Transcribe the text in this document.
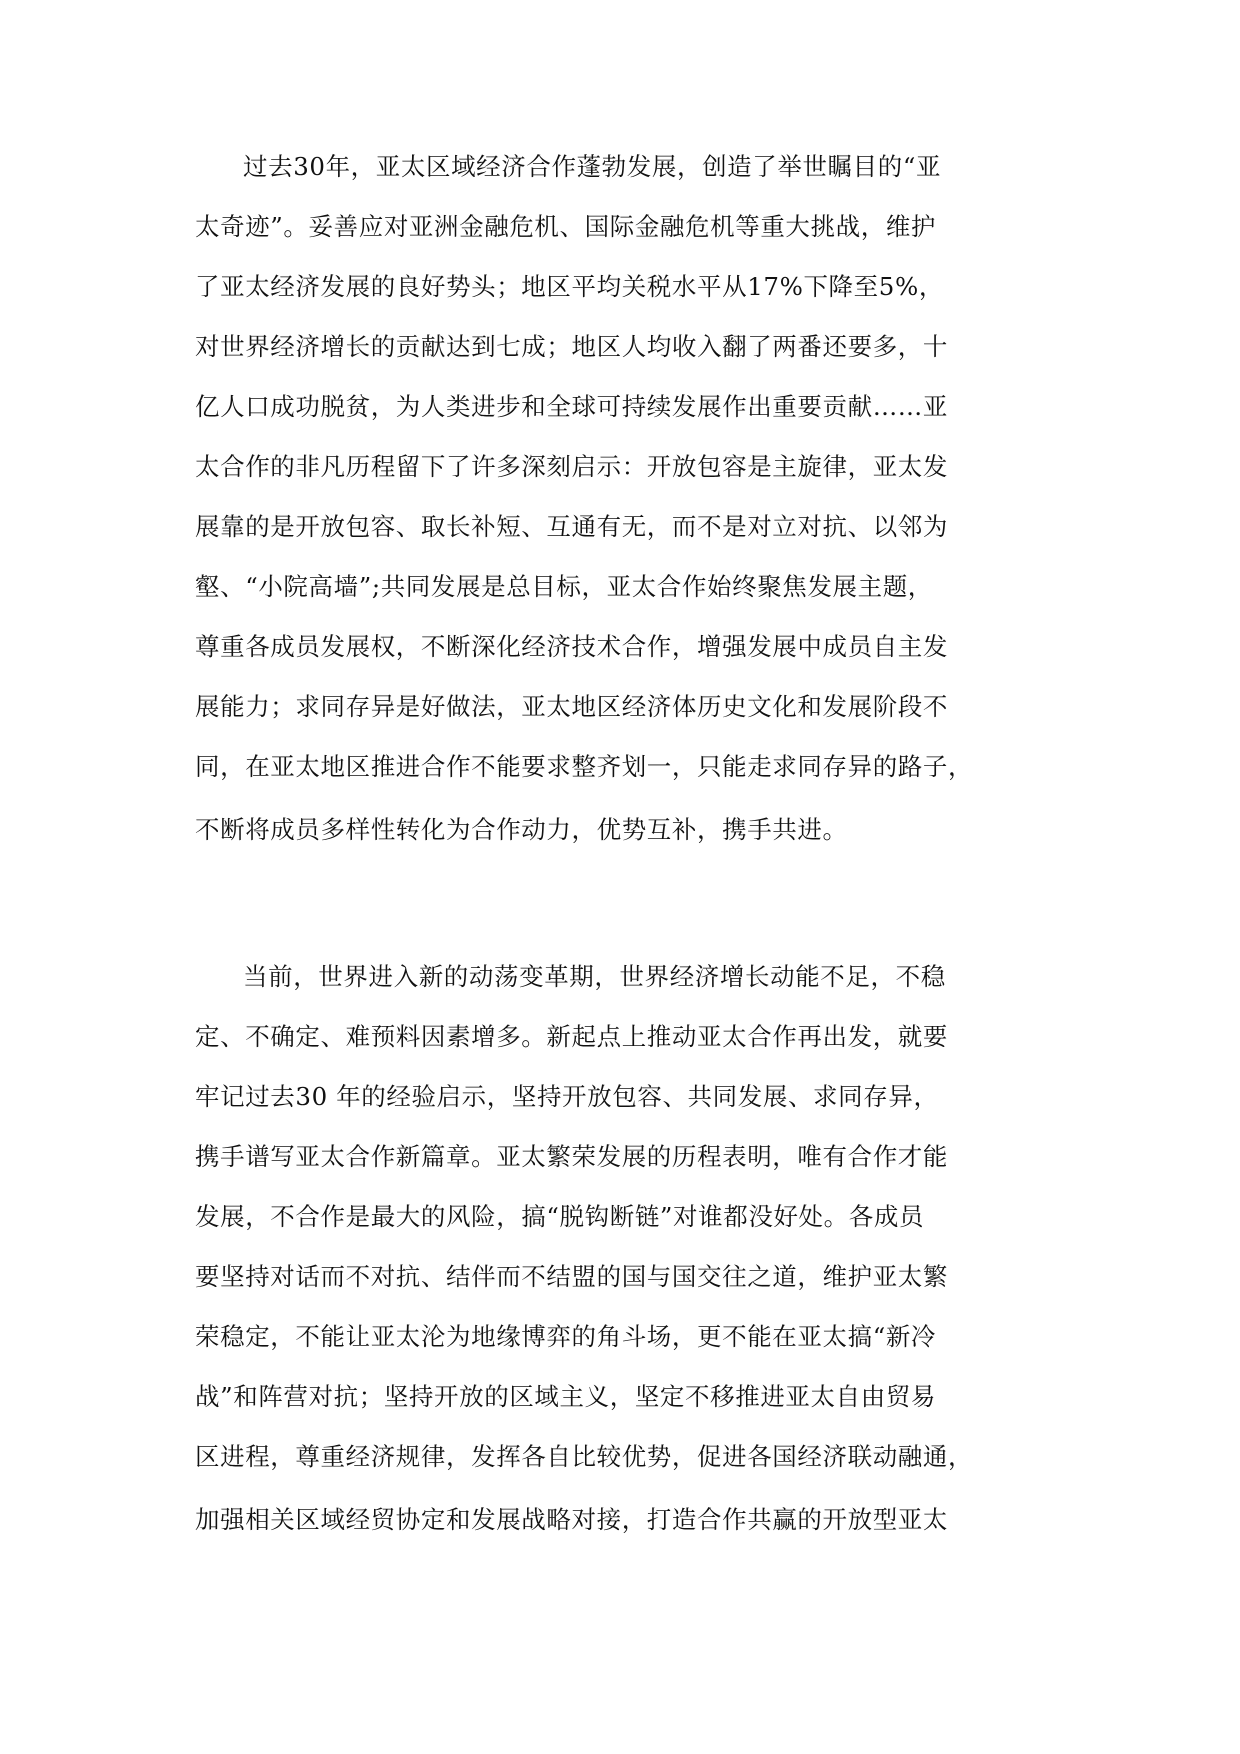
过去30年，亚太区域经济合作蓬勃发展，创造了举世瞩目的“亚

太奇迹”。妥善应对亚洲金融危机、国际金融危机等重大挑战，维护

了亚太经济发展的良好势头；地区平均关税水平从17%下降至5%，

对世界经济增长的贡献达到七成；地区人均收入翻了两番还要多，十

亿人口成功脱贫，为人类进步和全球可持续发展作出重要贡献……亚

太合作的非凡历程留下了许多深刻启示：开放包容是主旋律，亚太发

展靠的是开放包容、取长补短、互通有无，而不是对立对抗、以邻为

壑、“小院高墙”;共同发展是总目标，亚太合作始终聚焦发展主题，

尊重各成员发展权，不断深化经济技术合作，增强发展中成员自主发

展能力；求同存异是好做法，亚太地区经济体历史文化和发展阶段不

同，在亚太地区推进合作不能要求整齐划一，只能走求同存异的路子，

不断将成员多样性转化为合作动力，优势互补，携手共进。

当前，世界进入新的动荡变革期，世界经济增长动能不足，不稳

定、不确定、难预料因素增多。新起点上推动亚太合作再出发，就要

牢记过去30 年的经验启示，坚持开放包容、共同发展、求同存异，

携手谱写亚太合作新篇章。亚太繁荣发展的历程表明，唯有合作才能

发展，不合作是最大的风险，搞“脱钩断链”对谁都没好处。各成员

要坚持对话而不对抗、结伴而不结盟的国与国交往之道，维护亚太繁

荣稳定，不能让亚太沦为地缘博弈的角斗场，更不能在亚太搞“新冷

战”和阵营对抗；坚持开放的区域主义，坚定不移推进亚太自由贸易

区进程，尊重经济规律，发挥各自比较优势，促进各国经济联动融通，

加强相关区域经贸协定和发展战略对接，打造合作共赢的开放型亚太
